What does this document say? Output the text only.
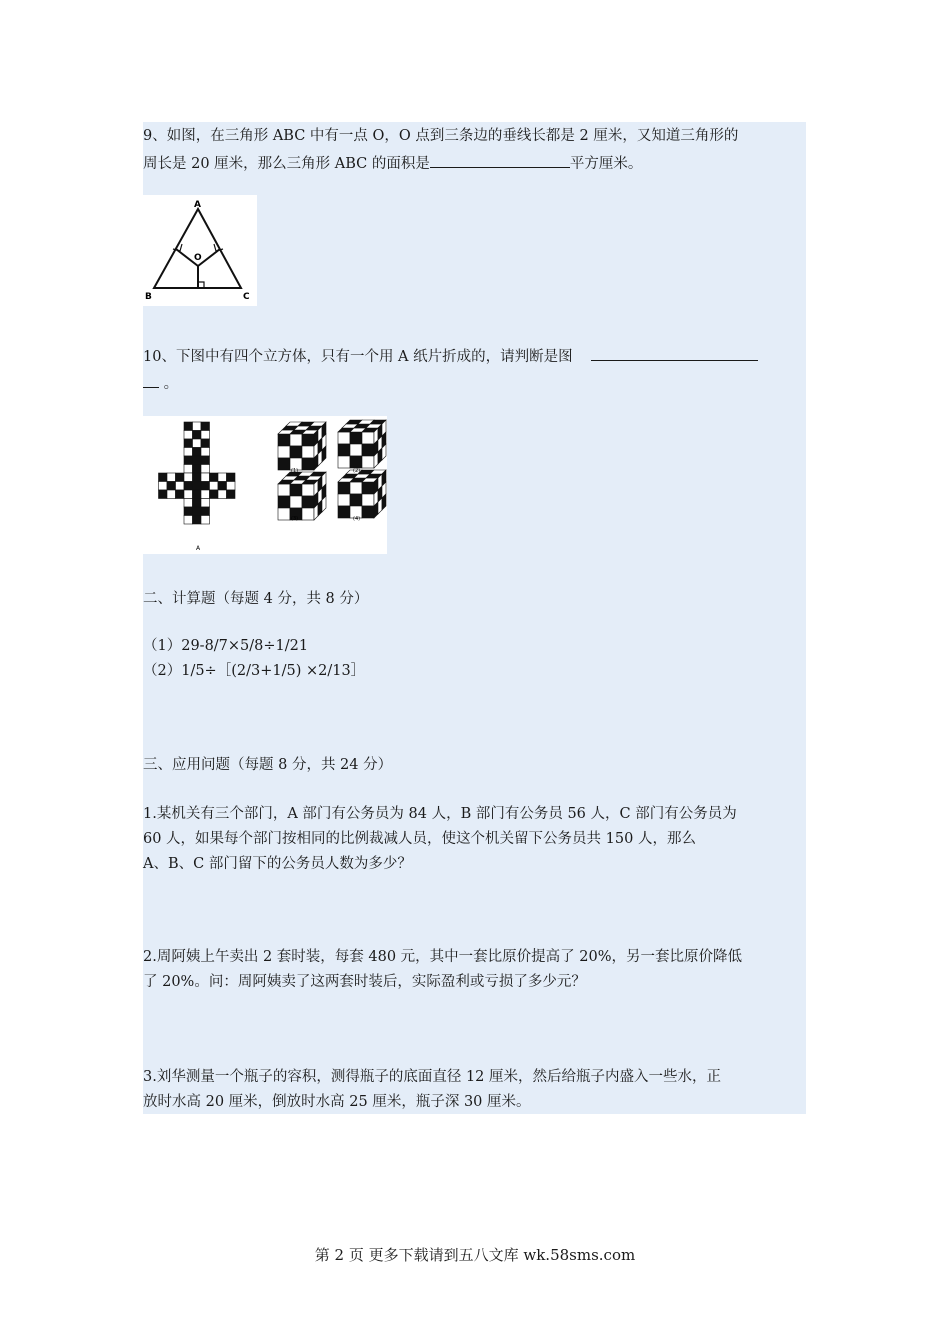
9、如图，在三角形 ABC 中有一点 O，O 点到三条边的垂线长都是 2 厘米，又知道三角形的
周长是 20 厘米，那么三角形 ABC 的面积是	平方厘米。
A
O
B	C
10、下图中有四个立方体，只有一个用 A 纸片折成的，请判断是图
。
A
(1)	(2)
(3)	(4)
二、计算题（每题 4 分，共 8 分）
（1）29-8/7×5/8÷1/21
（2）1/5÷［(2/3+1/5) ×2/13］
三、应用问题（每题 8 分，共 24 分）
1.某机关有三个部门，A 部门有公务员为 84 人，B 部门有公务员 56 人，C 部门有公务员为
60 人，如果每个部门按相同的比例裁减人员，使这个机关留下公务员共 150 人，那么
A、B、C 部门留下的公务员人数为多少？
2.周阿姨上午卖出 2 套时装，每套 480 元，其中一套比原价提高了 20%，另一套比原价降低
了 20%。问：周阿姨卖了这两套时装后，实际盈利或亏损了多少元？
3.刘华测量一个瓶子的容积，测得瓶子的底面直径 12 厘米，然后给瓶子内盛入一些水，正
放时水高 20 厘米，倒放时水高 25 厘米，瓶子深 30 厘米。
第 2 页 更多下载请到五八文库 wk.58sms.com
